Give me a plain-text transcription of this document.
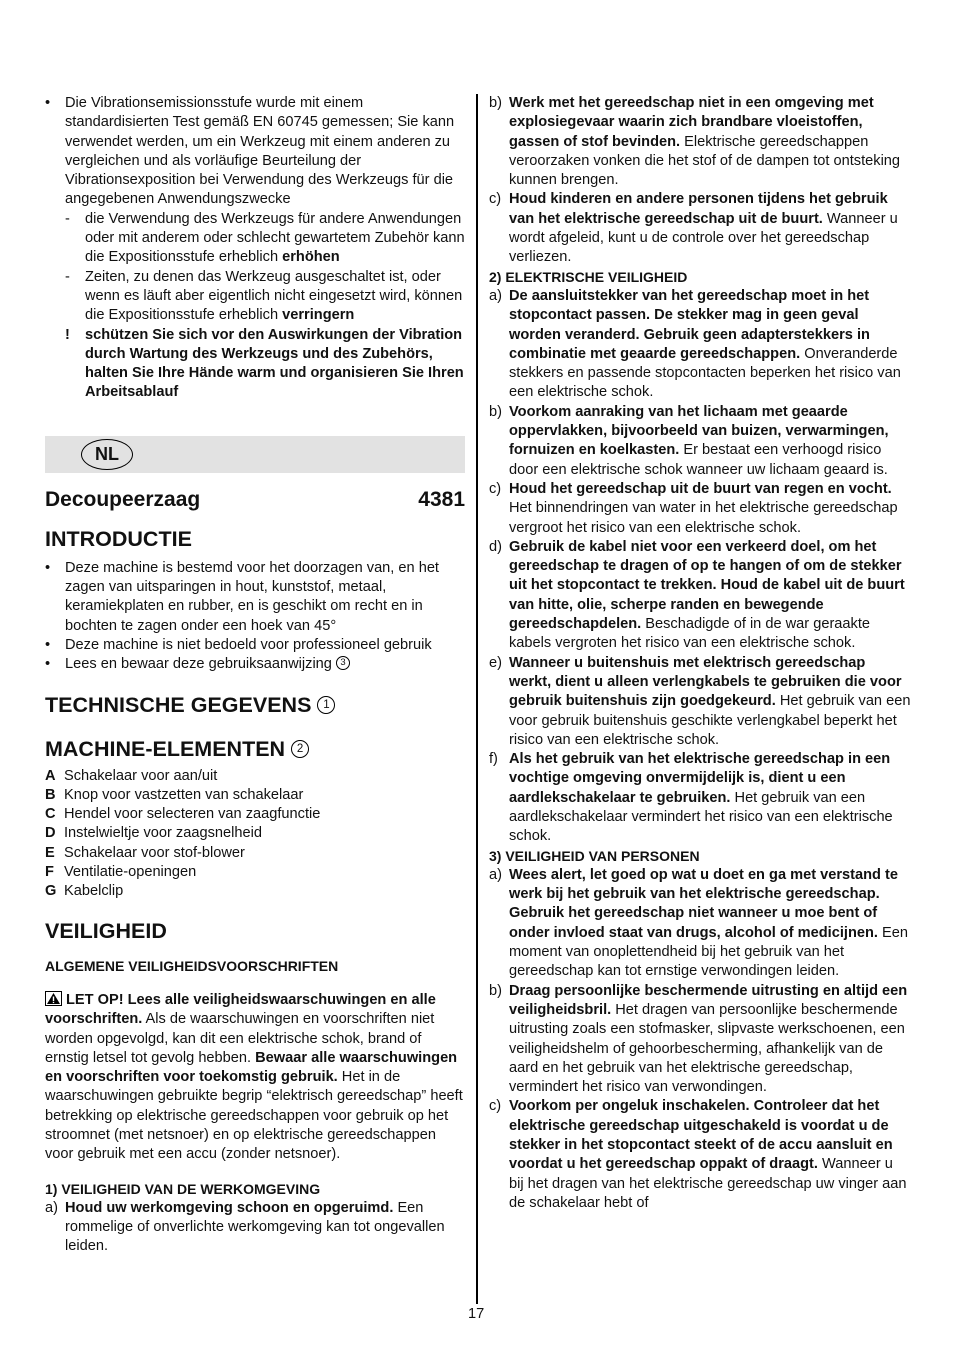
•	Die Vibrationsemissionsstufe wurde mit einem standardisierten Test gemäß EN 60745 gemessen; Sie kann verwendet werden, um ein Werkzeug mit einem anderen zu vergleichen und als vorläufige Beurteilung der Vibrationsexposition bei Verwendung des Werkzeugs für die angegebenen Anwendungszwecke
-	die Verwendung des Werkzeugs für andere Anwendungen oder mit anderem oder schlecht gewartetem Zubehör kann die Expositionsstufe erheblich erhöhen
-	Zeiten, zu denen das Werkzeug ausgeschaltet ist, oder wenn es läuft aber eigentlich nicht eingesetzt wird, können die Expositionsstufe erheblich verringern
!	schützen Sie sich vor den Auswirkungen der Vibration durch Wartung des Werkzeugs und des Zubehörs, halten Sie Ihre Hände warm und organisieren Sie Ihren Arbeitsablauf
NL
Decoupeerzaag	4381
INTRODUCTIE
•	Deze machine is bestemd voor het doorzagen van, en het zagen van uitsparingen in hout, kunststof, metaal, keramiekplaten en rubber, en is geschikt om recht en in bochten te zagen onder een hoek van 45°
•	Deze machine is niet bedoeld voor professioneel gebruik
•	Lees en bewaar deze gebruiksaanwijzing 3
TECHNISCHE GEGEVENS 1
MACHINE-ELEMENTEN 2
A Schakelaar voor aan/uit
B Knop voor vastzetten van schakelaar
C Hendel voor selecteren van zaagfunctie
D Instelwieltje voor zaagsnelheid
E Schakelaar voor stof-blower
F Ventilatie-openingen
G Kabelclip
VEILIGHEID
ALGEMENE VEILIGHEIDSVOORSCHRIFTEN
LET OP! Lees alle veiligheidswaarschuwingen en alle voorschriften. Als de waarschuwingen en voorschriften niet worden opgevolgd, kan dit een elektrische schok, brand of ernstig letsel tot gevolg hebben. Bewaar alle waarschuwingen en voorschriften voor toekomstig gebruik. Het in de waarschuwingen gebruikte begrip “elektrisch gereedschap” heeft betrekking op elektrische gereedschappen voor gebruik op het stroomnet (met netsnoer) en op elektrische gereedschappen voor gebruik met een accu (zonder netsnoer).
1) VEILIGHEID VAN DE WERKOMGEVING
a) Houd uw werkomgeving schoon en opgeruimd. Een rommelige of onverlichte werkomgeving kan tot ongevallen leiden.
b) Werk met het gereedschap niet in een omgeving met explosiegevaar waarin zich brandbare vloeistoffen, gassen of stof bevinden. Elektrische gereedschappen veroorzaken vonken die het stof of de dampen tot ontsteking kunnen brengen.
c) Houd kinderen en andere personen tijdens het gebruik van het elektrische gereedschap uit de buurt. Wanneer u wordt afgeleid, kunt u de controle over het gereedschap verliezen.
2) ELEKTRISCHE VEILIGHEID
a) De aansluitstekker van het gereedschap moet in het stopcontact passen. De stekker mag in geen geval worden veranderd. Gebruik geen adapterstekkers in combinatie met geaarde gereedschappen. Onveranderde stekkers en passende stopcontacten beperken het risico van een elektrische schok.
b) Voorkom aanraking van het lichaam met geaarde oppervlakken, bijvoorbeeld van buizen, verwarmingen, fornuizen en koelkasten. Er bestaat een verhoogd risico door een elektrische schok wanneer uw lichaam geaard is.
c) Houd het gereedschap uit de buurt van regen en vocht. Het binnendringen van water in het elektrische gereedschap vergroot het risico van een elektrische schok.
d) Gebruik de kabel niet voor een verkeerd doel, om het gereedschap te dragen of op te hangen of om de stekker uit het stopcontact te trekken. Houd de kabel uit de buurt van hitte, olie, scherpe randen en bewegende gereedschapdelen. Beschadigde of in de war geraakte kabels vergroten het risico van een elektrische schok.
e) Wanneer u buitenshuis met elektrisch gereedschap werkt, dient u alleen verlengkabels te gebruiken die voor gebruik buitenshuis zijn goedgekeurd. Het gebruik van een voor gebruik buitenshuis geschikte verlengkabel beperkt het risico van een elektrische schok.
f) Als het gebruik van het elektrische gereedschap in een vochtige omgeving onvermijdelijk is, dient u een aardlekschakelaar te gebruiken. Het gebruik van een aardlekschakelaar vermindert het risico van een elektrische schok.
3) VEILIGHEID VAN PERSONEN
a) Wees alert, let goed op wat u doet en ga met verstand te werk bij het gebruik van het elektrische gereedschap. Gebruik het gereedschap niet wanneer u moe bent of onder invloed staat van drugs, alcohol of medicijnen. Een moment van onoplettendheid bij het gebruik van het gereedschap kan tot ernstige verwondingen leiden.
b) Draag persoonlijke beschermende uitrusting en altijd een veiligheidsbril. Het dragen van persoonlijke beschermende uitrusting zoals een stofmasker, slipvaste werkschoenen, een veiligheidshelm of gehoorbescherming, afhankelijk van de aard en het gebruik van het elektrische gereedschap, vermindert het risico van verwondingen.
c) Voorkom per ongeluk inschakelen. Controleer dat het elektrische gereedschap uitgeschakeld is voordat u de stekker in het stopcontact steekt of de accu aansluit en voordat u het gereedschap oppakt of draagt. Wanneer u bij het dragen van het elektrische gereedschap uw vinger aan de schakelaar hebt of
17
